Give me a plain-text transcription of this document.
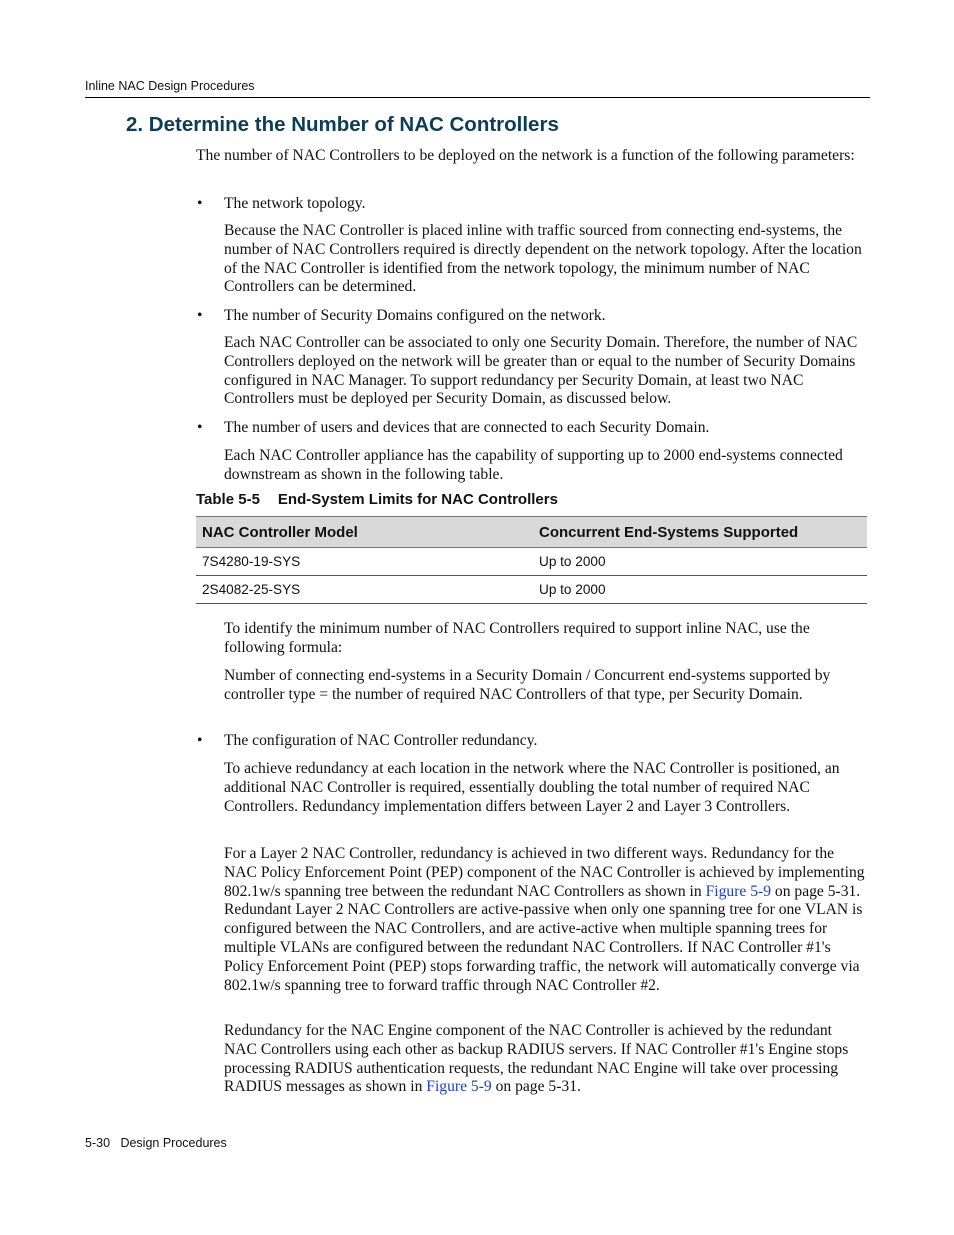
Inline NAC Design Procedures
2. Determine the Number of NAC Controllers

The number of NAC Controllers to be deployed on the network is a function of the following parameters:

• The network topology.

Because the NAC Controller is placed inline with traffic sourced from connecting end-systems, the number of NAC Controllers required is directly dependent on the network topology. After the location of the NAC Controller is identified from the network topology, the minimum number of NAC Controllers can be determined.

• The number of Security Domains configured on the network.

Each NAC Controller can be associated to only one Security Domain. Therefore, the number of NAC Controllers deployed on the network will be greater than or equal to the number of Security Domains configured in NAC Manager. To support redundancy per Security Domain, at least two NAC Controllers must be deployed per Security Domain, as discussed below.

• The number of users and devices that are connected to each Security Domain.

Each NAC Controller appliance has the capability of supporting up to 2000 end-systems connected downstream as shown in the following table.

Table 5-5 End-System Limits for NAC Controllers
NAC Controller Model	Concurrent End-Systems Supported
7S4280-19-SYS	Up to 2000
2S4082-25-SYS	Up to 2000

To identify the minimum number of NAC Controllers required to support inline NAC, use the following formula:

Number of connecting end-systems in a Security Domain / Concurrent end-systems supported by controller type = the number of required NAC Controllers of that type, per Security Domain.

• The configuration of NAC Controller redundancy.

To achieve redundancy at each location in the network where the NAC Controller is positioned, an additional NAC Controller is required, essentially doubling the total number of required NAC Controllers. Redundancy implementation differs between Layer 2 and Layer 3 Controllers.

For a Layer 2 NAC Controller, redundancy is achieved in two different ways. Redundancy for the NAC Policy Enforcement Point (PEP) component of the NAC Controller is achieved by implementing 802.1w/s spanning tree between the redundant NAC Controllers as shown in Figure 5-9 on page 5-31. Redundant Layer 2 NAC Controllers are active-passive when only one spanning tree for one VLAN is configured between the NAC Controllers, and are active-active when multiple spanning trees for multiple VLANs are configured between the redundant NAC Controllers. If NAC Controller #1's Policy Enforcement Point (PEP) stops forwarding traffic, the network will automatically converge via 802.1w/s spanning tree to forward traffic through NAC Controller #2.

Redundancy for the NAC Engine component of the NAC Controller is achieved by the redundant NAC Controllers using each other as backup RADIUS servers. If NAC Controller #1's Engine stops processing RADIUS authentication requests, the redundant NAC Engine will take over processing RADIUS messages as shown in Figure 5-9 on page 5-31.

5-30 Design Procedures
